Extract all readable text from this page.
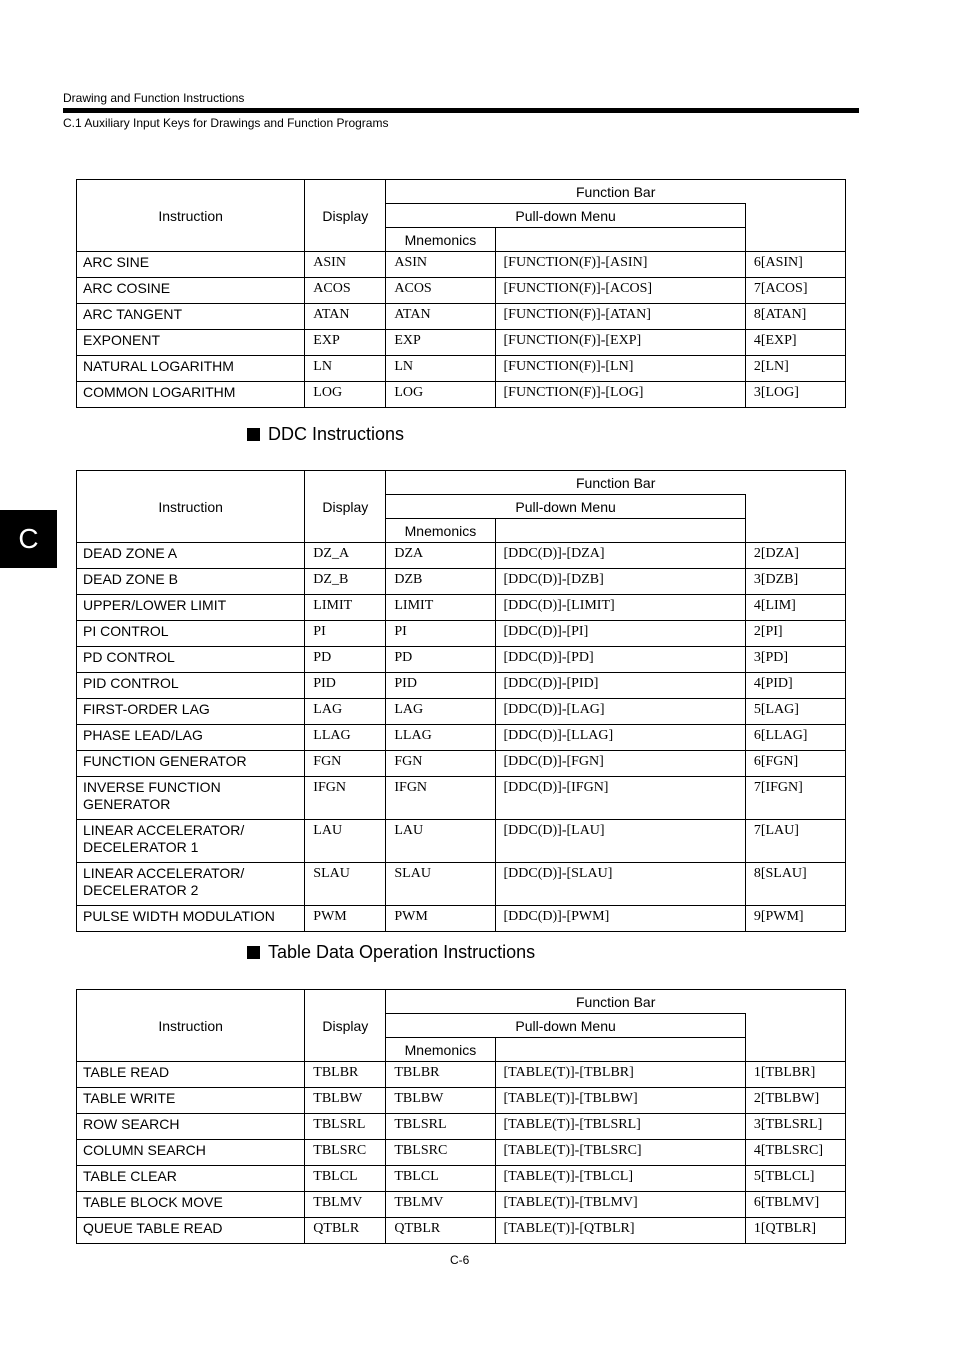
Drawing and Function Instructions
C.1 Auxiliary Input Keys for Drawings and Function Programs
C
Instruction	Display	Function Bar		
		Pull-down Menu		
		Mnemonics		
ARC SINE	ASIN	ASIN	[FUNCTION(F)]-[ASIN]	6[ASIN]
ARC COSINE	ACOS	ACOS	[FUNCTION(F)]-[ACOS]	7[ACOS]
ARC TANGENT	ATAN	ATAN	[FUNCTION(F)]-[ATAN]	8[ATAN]
EXPONENT	EXP	EXP	[FUNCTION(F)]-[EXP]	4[EXP]
NATURAL LOGARITHM	LN	LN	[FUNCTION(F)]-[LN]	2[LN]
COMMON LOGARITHM	LOG	LOG	[FUNCTION(F)]-[LOG]	3[LOG]
DDC Instructions
Instruction	Display	Function Bar		
		Pull-down Menu		
		Mnemonics		
DEAD ZONE A	DZ_A	DZA	[DDC(D)]-[DZA]	2[DZA]
DEAD ZONE B	DZ_B	DZB	[DDC(D)]-[DZB]	3[DZB]
UPPER/LOWER LIMIT	LIMIT	LIMIT	[DDC(D)]-[LIMIT]	4[LIM]
PI CONTROL	PI	PI	[DDC(D)]-[PI]	2[PI]
PD CONTROL	PD	PD	[DDC(D)]-[PD]	3[PD]
PID CONTROL	PID	PID	[DDC(D)]-[PID]	4[PID]
FIRST-ORDER LAG	LAG	LAG	[DDC(D)]-[LAG]	5[LAG]
PHASE LEAD/LAG	LLAG	LLAG	[DDC(D)]-[LLAG]	6[LLAG]
FUNCTION GENERATOR	FGN	FGN	[DDC(D)]-[FGN]	6[FGN]
INVERSE FUNCTION GENERATOR	IFGN	IFGN	[DDC(D)]-[IFGN]	7[IFGN]
LINEAR ACCELERATOR/ DECELERATOR 1	LAU	LAU	[DDC(D)]-[LAU]	7[LAU]
LINEAR ACCELERATOR/ DECELERATOR 2	SLAU	SLAU	[DDC(D)]-[SLAU]	8[SLAU]
PULSE WIDTH MODULATION	PWM	PWM	[DDC(D)]-[PWM]	9[PWM]
Table Data Operation Instructions
Instruction	Display	Function Bar		
		Pull-down Menu		
		Mnemonics		
TABLE READ	TBLBR	TBLBR	[TABLE(T)]-[TBLBR]	1[TBLBR]
TABLE WRITE	TBLBW	TBLBW	[TABLE(T)]-[TBLBW]	2[TBLBW]
ROW SEARCH	TBLSRL	TBLSRL	[TABLE(T)]-[TBLSRL]	3[TBLSRL]
COLUMN SEARCH	TBLSRC	TBLSRC	[TABLE(T)]-[TBLSRC]	4[TBLSRC]
TABLE CLEAR	TBLCL	TBLCL	[TABLE(T)]-[TBLCL]	5[TBLCL]
TABLE BLOCK MOVE	TBLMV	TBLMV	[TABLE(T)]-[TBLMV]	6[TBLMV]
QUEUE TABLE READ	QTBLR	QTBLR	[TABLE(T)]-[QTBLR]	1[QTBLR]
C-6
